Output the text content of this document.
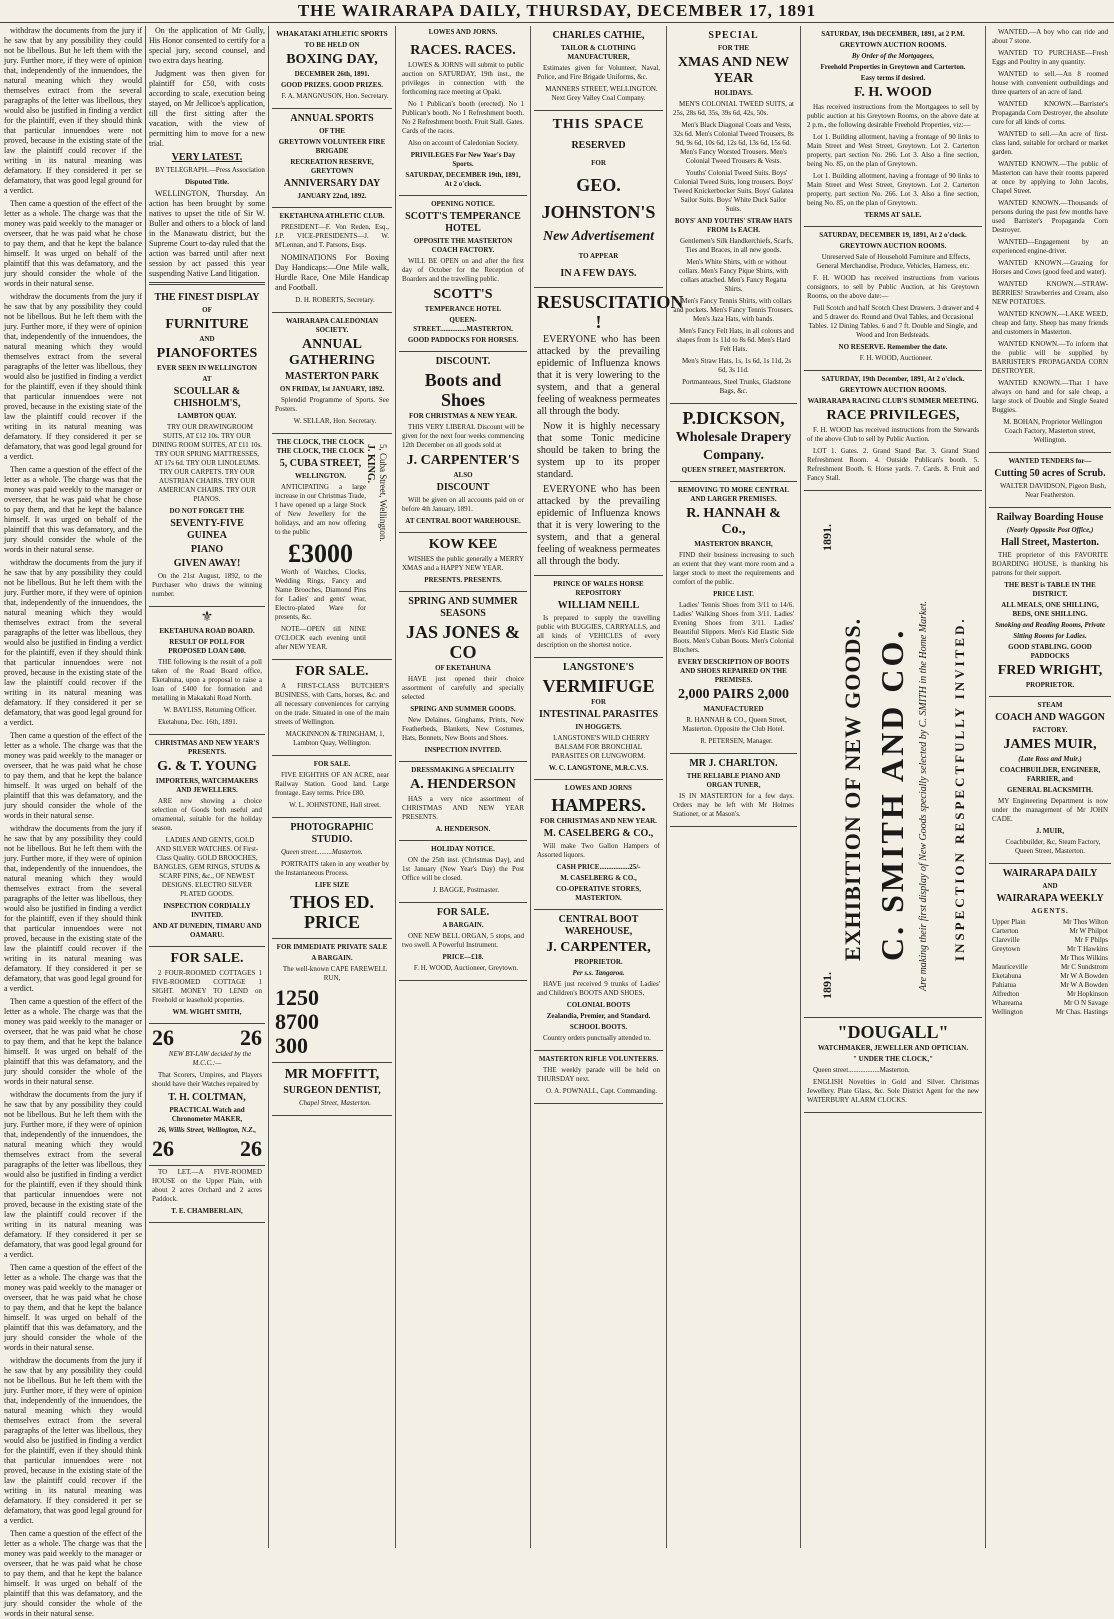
THE WAIRARAPA DAILY, THURSDAY, DECEMBER 17, 1891

withdraw the documents from the jury if he saw that by any possibility they could not be libellous. But he left them with the jury. Further more, if they were of opinion that, independently of the innuendoes, the natural meaning which they would themselves extract from the several paragraphs of the letter was libellous, they would also be justified in finding a verdict for the plaintiff, even if they should think that particular innuendoes were not proved, because in the existing state of the law the plaintiff could recover if the writing in its natural meaning was defamatory. If they considered it per se defamatory, that was good legal ground for a verdict.

Then came a question of the effect of the letter as a whole. The charge was that the money was paid weekly to the manager or overseer, that he was paid what he chose to pay them, and that he kept the balance himself. It was urged on behalf of the plaintiff that this was defamatory, and the jury should consider the whole of the words in their natural sense.

withdraw the documents from the jury if he saw that by any possibility they could not be libellous. But he left them with the jury. Further more, if they were of opinion that, independently of the innuendoes, the natural meaning which they would themselves extract from the several paragraphs of the letter was libellous, they would also be justified in finding a verdict for the plaintiff, even if they should think that particular innuendoes were not proved, because in the existing state of the law the plaintiff could recover if the writing in its natural meaning was defamatory. If they considered it per se defamatory, that was good legal ground for a verdict.

Then came a question of the effect of the letter as a whole. The charge was that the money was paid weekly to the manager or overseer, that he was paid what he chose to pay them, and that he kept the balance himself. It was urged on behalf of the plaintiff that this was defamatory, and the jury should consider the whole of the words in their natural sense.

withdraw the documents from the jury if he saw that by any possibility they could not be libellous. But he left them with the jury. Further more, if they were of opinion that, independently of the innuendoes, the natural meaning which they would themselves extract from the several paragraphs of the letter was libellous, they would also be justified in finding a verdict for the plaintiff, even if they should think that particular innuendoes were not proved, because in the existing state of the law the plaintiff could recover if the writing in its natural meaning was defamatory. If they considered it per se defamatory, that was good legal ground for a verdict.

Then came a question of the effect of the letter as a whole. The charge was that the money was paid weekly to the manager or overseer, that he was paid what he chose to pay them, and that he kept the balance himself. It was urged on behalf of the plaintiff that this was defamatory, and the jury should consider the whole of the words in their natural sense.

withdraw the documents from the jury if he saw that by any possibility they could not be libellous. But he left them with the jury. Further more, if they were of opinion that, independently of the innuendoes, the natural meaning which they would themselves extract from the several paragraphs of the letter was libellous, they would also be justified in finding a verdict for the plaintiff, even if they should think that particular innuendoes were not proved, because in the existing state of the law the plaintiff could recover if the writing in its natural meaning was defamatory. If they considered it per se defamatory, that was good legal ground for a verdict.

Then came a question of the effect of the letter as a whole. The charge was that the money was paid weekly to the manager or overseer, that he was paid what he chose to pay them, and that he kept the balance himself. It was urged on behalf of the plaintiff that this was defamatory, and the jury should consider the whole of the words in their natural sense.

withdraw the documents from the jury if he saw that by any possibility they could not be libellous. But he left them with the jury. Further more, if they were of opinion that, independently of the innuendoes, the natural meaning which they would themselves extract from the several paragraphs of the letter was libellous, they would also be justified in finding a verdict for the plaintiff, even if they should think that particular innuendoes were not proved, because in the existing state of the law the plaintiff could recover if the writing in its natural meaning was defamatory. If they considered it per se defamatory, that was good legal ground for a verdict.

Then came a question of the effect of the letter as a whole. The charge was that the money was paid weekly to the manager or overseer, that he was paid what he chose to pay them, and that he kept the balance himself. It was urged on behalf of the plaintiff that this was defamatory, and the jury should consider the whole of the words in their natural sense.

withdraw the documents from the jury if he saw that by any possibility they could not be libellous. But he left them with the jury. Further more, if they were of opinion that, independently of the innuendoes, the natural meaning which they would themselves extract from the several paragraphs of the letter was libellous, they would also be justified in finding a verdict for the plaintiff, even if they should think that particular innuendoes were not proved, because in the existing state of the law the plaintiff could recover if the writing in its natural meaning was defamatory. If they considered it per se defamatory, that was good legal ground for a verdict.

Then came a question of the effect of the letter as a whole. The charge was that the money was paid weekly to the manager or overseer, that he was paid what he chose to pay them, and that he kept the balance himself. It was urged on behalf of the plaintiff that this was defamatory, and the jury should consider the whole of the words in their natural sense.

On the application of Mr Gully, His Honor consented to certify for a special jury, second counsel, and two extra days hearing.

Judgment was then given for plaintiff for £50, with costs according to scale, execution being stayed, on Mr Jellicoe's application, till the first sitting after the vacation, with the view of permitting him to move for a new trial.

VERY LATEST.
BY TELEGRAPH.—Press Association
Disputed Title.

WELLINGTON, Thursday. An action has been brought by some natives to upset the title of Sir W. Buller and others to a block of land in the Manawatu district, but the Supreme Court to-day ruled that the action was barred until after next session by act passed this year suspending Native Land litigation.

THE FINEST DISPLAY
OF
FURNITURE
AND
PIANOFORTES
EVER SEEN IN WELLINGTON
AT
SCOULLAR & CHISHOLM'S,
LAMBTON QUAY.

TRY OUR DRAWINGROOM SUITS, AT £12 10s. TRY OUR DINING ROOM SUITES, AT £11 10s. TRY OUR SPRING MATTRESSES, AT 17s 6d. TRY OUR LINOLEUMS. TRY OUR CARPETS. TRY OUR AUSTRIAN CHAIRS. TRY OUR AMERICAN CHAIRS. TRY OUR PIANOS.

DO NOT FORGET THE
SEVENTY-FIVE GUINEA
PIANO
GIVEN AWAY!

On the 21st August, 1892, to the Purchaser who draws the winning number.

⚜
EKETAHUNA ROAD BOARD.
RESULT OF POLL FOR PROPOSED LOAN £400.

THE following is the result of a poll taken of the Road Board office, Eketahuna, upon a proposal to raise a loan of £400 for formation and metalling in Makakahi Road North.

W. BAYLISS, Returning Officer.
Eketahuna, Dec. 16th, 1891.
CHRISTMAS AND NEW YEAR'S PRESENTS.
G. & T. YOUNG
IMPORTERS, WATCHMAKERS AND JEWELLERS.

ARE now showing a choice selection of Goods both useful and ornamental, suitable for the holiday season.

LADIES AND GENTS, GOLD AND SILVER WATCHES. Of First-Class Quality. GOLD BROOCHES, BANGLES, GEM RINGS, STUDS & SCARF PINS, &c., OF NEWEST DESIGNS. ELECTRO SILVER PLATED GOODS.

INSPECTION CORDIALLY INVITED.
AND AT DUNEDIN, TIMARU AND OAMARU.
FOR SALE.

2 FOUR-ROOMED COTTAGES 1 FIVE-ROOMED COTTAGE 1 SIGHT. MONEY TO LEND on Freehold or leasehold properties.

WM. WIGHT SMITH,
26	26
NEW BY-LAW decided by the M.C.C.:—

That Scorers, Umpires, and Players should have their Watches repaired by

T. H. COLTMAN,
PRACTICAL Watch and Chronometer MAKER,
26, Willis Street, Wellington, N.Z.,
26	26

TO LET.—A FIVE-ROOMED HOUSE on the Upper Plain, with about 2 acres Orchard and 2 acres Paddock.

T. E. CHAMBERLAIN,
WHAKATAKI ATHLETIC SPORTS
TO BE HELD ON
BOXING DAY,
DECEMBER 26th, 1891.
GOOD PRIZES. GOOD PRIZES.
F. A. MANGNUSON, Hon. Secretary.
ANNUAL SPORTS
OF THE
GREYTOWN VOLUNTEER FIRE BRIGADE
RECREATION RESERVE, GREYTOWN
ANNIVERSARY DAY
JANUARY 22nd, 1892.
EKETAHUNA ATHLETIC CLUB.

PRESIDENT—F. Von Reden, Esq., J.P. VICE-PRESIDENTS—J. W. M'Lennan, and T. Parsons, Esqs.

NOMINATIONS For Boxing Day Handicaps:—One Mile walk, Hurdle Race, One Mile Handicap and Football.

D. H. ROBERTS, Secretary.
WAIRARAPA CALEDONIAN SOCIETY.
ANNUAL GATHERING
MASTERTON PARK
ON FRIDAY, 1st JANUARY, 1892.

Splendid Programme of Sports. See Posters.

W. SELLAR, Hon. Secretary.
THE CLOCK, THE CLOCK THE CLOCK, THE CLOCK
5, CUBA STREET,
WELLINGTON.

ANTICIPATING a large increase in our Christmas Trade, I have opened up a large Stock of New Jewellery for the holidays, and am now offering to the public

£3000

Worth of Watches, Clocks, Wedding Rings, Fancy and Name Brooches, Diamond Pins for Ladies' and gents' wear, Electro-plated Ware for presents, &c.

NOTE—OPEN till NINE O'CLOCK each evening until after NEW YEAR.

J. KING. 5, Cuba Street, Wellington.
FOR SALE.

A FIRST-CLASS BUTCHER'S BUSINESS, with Carts, horses, &c. and all necessary conveniences for carrying on the trade. Situated in one of the main streets of Wellington.

MACKINNON & TRINGHAM, 1, Lambton Quay, Wellington.
FOR SALE.

FIVE EIGHTHS OF AN ACRE, near Railway Station. Good land. Large frontage. Easy terms. Price £80.

W. L. JOHNSTONE, Hall street.
PHOTOGRAPHIC STUDIO.
Queen street.........Masterton.

PORTRAITS taken in any weather by the Instantaneous Process.

LIFE SIZE
THOS ED. PRICE
FOR IMMEDIATE PRIVATE SALE
A BARGAIN.
The well-known CAPE FAREWELL RUN,
1250
8700
300
MR MOFFITT,
SURGEON DENTIST,
Chapel Street, Masterton.
LOWES AND JORNS.
RACES. RACES.

LOWES & JORNS will submit to public auction on SATURDAY, 19th inst., the privileges in connection with the forthcoming race meeting at Opaki.

No 1 Publican's booth (erected). No 1 Publican's booth. No 1 Refreshment booth. No 2 Refreshment booth. Fruit Stall. Gates. Cards of the races.

Also on account of Caledonian Society.

PRIVILEGES For New Year's Day Sports.
SATURDAY, DECEMBER 19th, 1891, At 2 o'clock.
OPENING NOTICE.
SCOTT'S TEMPERANCE HOTEL
OPPOSITE THE MASTERTON COACH FACTORY.

WILL BE OPEN on and after the first day of October for the Reception of Boarders and the travelling public.

SCOTT'S
TEMPERANCE HOTEL
QUEEN-STREET...............MASTERTON.
GOOD PADDOCKS FOR HORSES.
DISCOUNT.
Boots and Shoes
FOR CHRISTMAS & NEW YEAR.

THIS VERY LIBERAL Discount will be given for the next four weeks commencing 12th December on all goods sold at

J. CARPENTER'S
ALSO
DISCOUNT

Will be given on all accounts paid on or before 4th January, 1891.

AT CENTRAL BOOT WAREHOUSE.
KOW KEE

WISHES the public generally a MERRY XMAS and a HAPPY NEW YEAR.

PRESENTS. PRESENTS.
SPRING AND SUMMER SEASONS
JAS JONES & CO
OF EKETAHUNA

HAVE just opened their choice assortment of carefully and specially selected

SPRING AND SUMMER GOODS.

New Delaines, Ginghams, Prints, New Featherbeds, Blankets, New Costumes, Hats, Bonnets, New Boots and Shoes.

INSPECTION INVITED.
DRESSMAKING A SPECIALITY
A. HENDERSON

HAS a very nice assortment of CHRISTMAS AND NEW YEAR PRESENTS.

A. HENDERSON.
HOLIDAY NOTICE.

ON the 25th inst. (Christmas Day), and 1st January (New Year's Day) the Post Office will be closed.

J. BAGGE, Postmaster.
FOR SALE.
A BARGAIN.

ONE NEW BELL ORGAN, 5 stops, and two swell. A Powerful Instrument.

PRICE—£18.
F. H. WOOD, Auctioneer, Greytown.
CHARLES CATHIE,
TAILOR & CLOTHING MANUFACTURER,

Estimates given for Volunteer, Naval, Police, and Fire Brigade Uniforms, &c.

MANNERS STREET, WELLINGTON. Next Grey Valley Coal Company.
THIS SPACE
RESERVED
FOR
GEO.
JOHNSTON'S
New Advertisement
TO APPEAR
IN A FEW DAYS.
RESUSCITATION !

EVERYONE who has been attacked by the prevailing epidemic of Influenza knows that it is very lowering to the system, and that a general feeling of weakness permeates all through the body.

Now it is highly necessary that some Tonic medicine should be taken to bring the system up to its proper standard.

EVERYONE who has been attacked by the prevailing epidemic of Influenza knows that it is very lowering to the system, and that a general feeling of weakness permeates all through the body.

PRINCE OF WALES HORSE REPOSITORY
WILLIAM NEILL

Is prepared to supply the travelling public with BUGGIES, CARRYALLS, and all kinds of VEHICLES of every description on the shortest notice.

LANGSTONE'S
VERMIFUGE
FOR
INTESTINAL PARASITES
IN HOGGETS.

LANGSTONE'S WILD CHERRY BALSAM FOR BRONCHIAL PARASITES OR LUNGWORM.

W. C. LANGSTONE, M.R.C.V.S.
LOWES AND JORNS
HAMPERS.
FOR CHRISTMAS AND NEW YEAR.
M. CASELBERG & CO.,

Will make Two Gallon Hampers of Assorted liquors.

CASH PRICE.................25/-
M. CASELBERG & CO.,
CO-OPERATIVE STORES, MASTERTON.
CENTRAL BOOT WAREHOUSE,
J. CARPENTER,
PROPRIETOR.
Per s.s. Tangaroa.

HAVE just received 9 trunks of Ladies' and Children's BOOTS AND SHOES,

COLONIAL BOOTS
Zealandia, Premier, and Standard.
SCHOOL BOOTS.

Country orders punctually attended to.

MASTERTON RIFLE VOLUNTEERS.

THE weekly parade will be held on THURSDAY next.

O. A. POWNALL, Capt. Commanding.
SPECIAL
FOR THE
XMAS AND NEW YEAR
HOLIDAYS.

MEN'S COLONIAL TWEED SUITS, at 25s, 28s 6d, 35s, 39s 6d, 42s, 50s.

Men's Black Diagonal Coats and Vests, 32s 6d. Men's Colonial Tweed Trousers, 8s 9d, 9s 6d, 10s 6d, 12s 6d, 13s 6d, 15s 6d. Men's Fancy Worsted Trousers. Men's Colonial Tweed Trousers & Vests.

Youths' Colonial Tweed Suits. Boys' Colonial Tweed Suits, long trousers. Boys' Tweed Knickerbocker Suits. Boys' Galatea Sailor Suits. Boys' White Duck Sailor Suits.

BOYS' AND YOUTHS' STRAW HATS FROM 1s EACH.

Gentlemen's Silk Handkerchiefs, Scarfs, Ties and Braces, in all new goods.

Men's White Shirts, with or without collars. Men's Fancy Pique Shirts, with collars attached. Men's Fancy Regatta Shirts.

Men's Fancy Tennis Shirts, with collars and pockets. Men's Fancy Tennis Trousers. Men's Jaza Hats, with bands.

Men's Fancy Felt Hats, in all colours and shapes from 1s 11d to 8s 6d. Men's Hard Felt Hats.

Men's Straw Hats, 1s, 1s 6d, 1s 11d, 2s 6d, 3s 11d.

Portmanteaus, Steel Trunks, Gladstone Bags, &c.

P.DICKSON,
Wholesale Drapery
Company.
QUEEN STREET, MASTERTON.
REMOVING TO MORE CENTRAL AND LARGER PREMISES.
R. HANNAH & Co.,
MASTERTON BRANCH,

FIND their business increasing to such an extent that they want more room and a larger stock to meet the requirements and comfort of the public.

PRICE LIST.

Ladies' Tennis Shoes from 3/11 to 14/6. Ladies' Walking Shoes from 3/11. Ladies' Evening Shoes from 3/11. Ladies' Beautiful Slippers. Men's Kid Elastic Side Boots. Men's Cuban Boots. Men's Colonial Bluchers.

EVERY DESCRIPTION OF BOOTS AND SHOES REPAIRED ON THE PREMISES.
2,000 PAIRS 2,000
MANUFACTURED

R. HANNAH & CO., Queen Street, Masterton. Opposite the Club Hotel.

R. PETERSEN, Manager.
MR J. CHARLTON.
THE RELIABLE PIANO AND ORGAN TUNER,

IS IN MASTERTON for a few days. Orders may be left with Mr Holmes Stationer, or at Mason's.

SATURDAY, 19th DECEMBER, 1891, at 2 P.M.
GREYTOWN AUCTION ROOMS.
By Order of the Mortgagees,
Freehold Properties in Greytown and Carterton.
Easy terms if desired.
F. H. WOOD

Has received instructions from the Mortgagees to sell by public auction at his Greytown Rooms, on the above date at 2 p.m., the following desirable Freehold Properties, viz:—

Lot 1. Building allotment, having a frontage of 90 links to Main Street and West Street, Greytown. Lot 2. Carterton property, part section No. 266. Lot 3. Also a fine section, being No. 85, on the plan of Greytown.

Lot 1. Building allotment, having a frontage of 90 links to Main Street and West Street, Greytown. Lot 2. Carterton property, part section No. 266. Lot 3. Also a fine section, being No. 85, on the plan of Greytown.

TERMS AT SALE.
SATURDAY, DECEMBER 19, 1891, At 2 o'clock.
GREYTOWN AUCTION ROOMS.

Unreserved Sale of Household Furniture and Effects, General Merchandise, Produce, Vehicles, Harness, etc.

F. H. WOOD has received instructions from various consignors, to sell by Public Auction, at his Greytown Rooms, on the above date:—

Full Scotch and half Scotch Chest Drawers. 3 drawer and 4 and 5 drawer do. Round and Oval Tables, and Occasional Tables. 12 Dining Tables. 6 and 7 ft. Double and Single, and Wood and Iron Bedsteads.

NO RESERVE. Remember the date.
F. H. WOOD, Auctioneer.
SATURDAY, 19th December, 1891, At 2 o'clock.
GREYTOWN AUCTION ROOMS.
WAIRARAPA RACING CLUB'S SUMMER MEETING.
RACE PRIVILEGES,

F. H. WOOD has received instructions from the Stewards of the above Club to sell by Public Auction.

LOT 1. Gates. 2. Grand Stand Bar. 3. Grand Stand Refreshment Room. 4. Outside Publican's booth. 5. Refreshment Booth. 6. Horse yards. 7. Cards. 8. Fruit and Fancy Stall.

1891.
1891.
EXHIBITION OF NEW GOODS. C. SMITH AND CO. Are making their first display of New Goods specially selected by C. SMITH in the Home Market. INSPECTION RESPECTFULLY INVITED.
"DOUGALL"
WATCHMAKER, JEWELLER AND OPTICIAN.
" UNDER THE CLOCK,"
Queen street..................Masterton.

ENGLISH Novelties in Gold and Silver. Christmas Jewellery. Plate Glass, &c. Sole District Agent for the new WATERBURY ALARM CLOCKS.

WANTED.—A boy who can ride and about 7 stone.

WANTED TO PURCHASE—Fresh Eggs and Poultry in any quantity.

WANTED to sell.—An 8 roomed house with convenient outbuildings and three quarters of an acre of land.

WANTED KNOWN.—Barrister's Propaganda Corn Destroyer, the absolute cure for all kinds of corns.

WANTED to sell.—An acre of first-class land, suitable for orchard or market garden.

WANTED KNOWN.—The public of Masterton can have their rooms papered at once by applying to John Jacobs, Chapel Street.

WANTED KNOWN.—Thousands of persons during the past few months have used Barrister's Propaganda Corn Destroyer.

WANTED—Engagement by an experienced engine-driver.

WANTED KNOWN.—Grazing for Horses and Cows (good feed and water).

WANTED KNOWN.—STRAW-BERRIES! Strawberries and Cream, also NEW POTATOES.

WANTED KNOWN.—LAKE WEED, cheap and fatty. Sheep has many friends and customers in Masterton.

WANTED KNOWN.—To inform that the public will be supplied by BARRISTER'S PROPAGANDA CORN DESTROYER.

WANTED KNOWN.—That I have always on hand and for sale cheap, a large stock of Double and Single Seated Buggies.

M. BOHAN, Proprietor Wellington Coach Factory, Masterton street, Wellington.
WANTED TENDERS for—
Cutting 50 acres of Scrub.
WALTER DAVIDSON, Pigeon Bush, Near Featherston.
Railway Boarding House
(Nearly Opposite Post Office,)
Hall Street, Masterton.

THE proprietor of this FAVORITE BOARDING HOUSE, is thanking his patrons for their support.

THE BEST is TABLE IN THE DISTRICT.
ALL MEALS, ONE SHILLING, BEDS, ONE SHILLING.
Smoking and Reading Rooms, Private
Sitting Rooms for Ladies.
GOOD STABLING. GOOD PADDOCKS
FRED WRIGHT,
PROPRIETOR.
STEAM
COACH AND WAGGON
FACTORY.
JAMES MUIR,
(Late Ross and Muir.)
COACHBUILDER, ENGINEER, FARRIER, and
GENERAL BLACKSMITH.

MY Engineering Department is now under the management of Mr JOHN CADE.

J. MUIR,
Coachbuilder, &c, Steam Factory, Queen Street, Masterton.
WAIRARAPA DAILY
AND
WAIRARAPA WEEKLY
AGENTS.
Upper Plain	Mr Thos Wilton
Carterton	Mr W Philpot
Clareville	Mr F Philps
Greytown	Mr T Hawkins
Mr Thos Wilkins
Mauriceville	Mr C Sundstrom
Eketahuna	Mr W A Bowden
Pahiatua	Mr W A Bowden
Alfredton	Mr Hopkinson
Whareama	Mr O N Savage
Wellington	Mr Chas. Hastings
